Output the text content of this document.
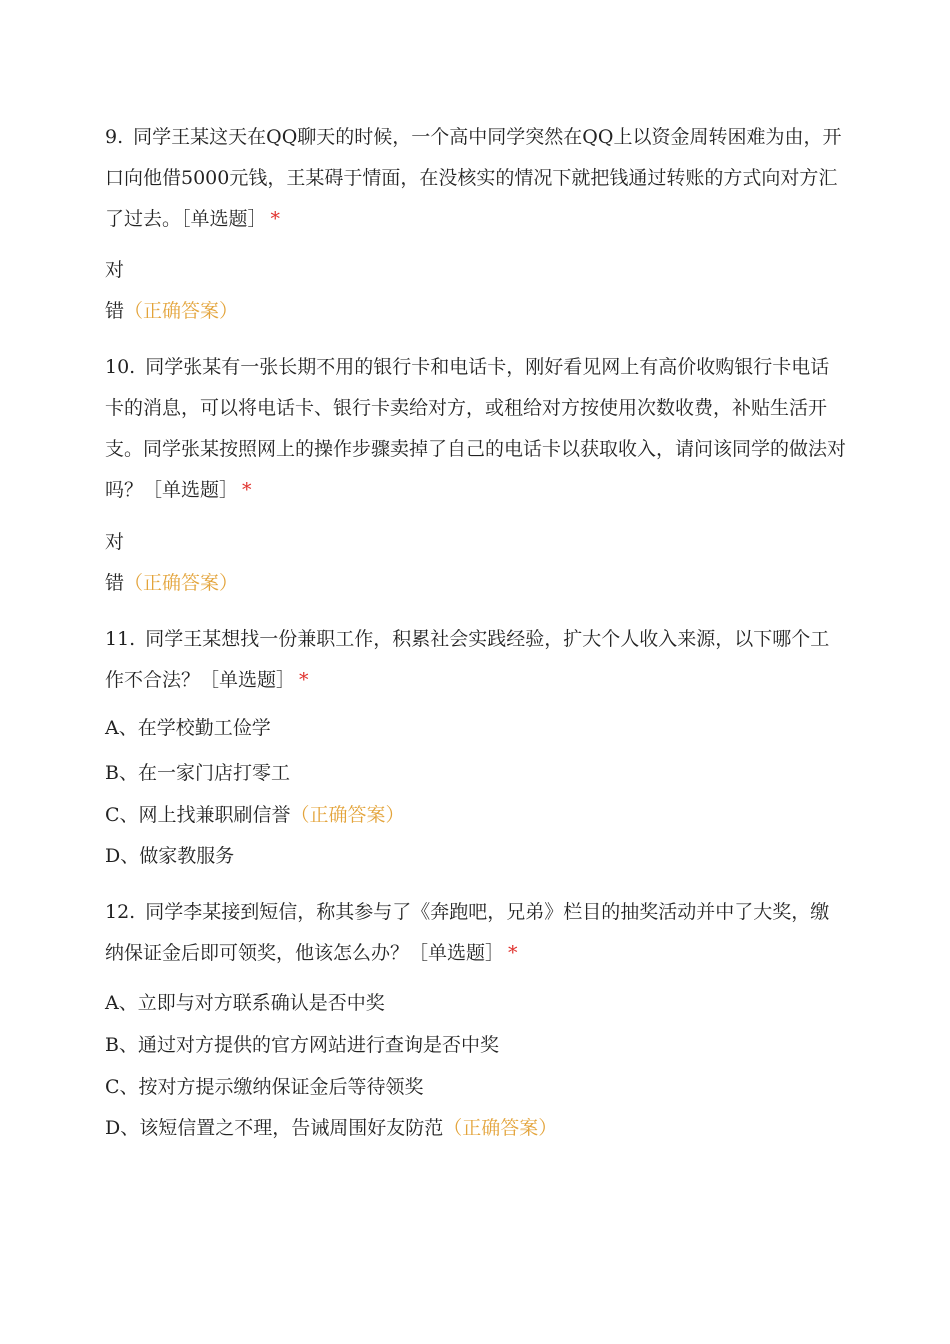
9. 同学王某这天在QQ聊天的时候，一个高中同学突然在QQ上以资金周转困难为由，开口向他借5000元钱，王某碍于情面，在没核实的情况下就把钱通过转账的方式向对方汇了过去。［单选题］ *

对

错（正确答案）

10. 同学张某有一张长期不用的银行卡和电话卡，刚好看见网上有高价收购银行卡电话卡的消息，可以将电话卡、银行卡卖给对方，或租给对方按使用次数收费，补贴生活开支。同学张某按照网上的操作步骤卖掉了自己的电话卡以获取收入，请问该同学的做法对吗？［单选题］ *

对

错（正确答案）

11. 同学王某想找一份兼职工作，积累社会实践经验，扩大个人收入来源，以下哪个工作不合法？［单选题］ *

A、在学校勤工俭学

B、在一家门店打零工

C、网上找兼职刷信誉（正确答案）

D、做家教服务

12. 同学李某接到短信，称其参与了《奔跑吧，兄弟》栏目的抽奖活动并中了大奖，缴纳保证金后即可领奖，他该怎么办？［单选题］ *

A、立即与对方联系确认是否中奖

B、通过对方提供的官方网站进行查询是否中奖

C、按对方提示缴纳保证金后等待领奖

D、该短信置之不理，告诫周围好友防范（正确答案）
